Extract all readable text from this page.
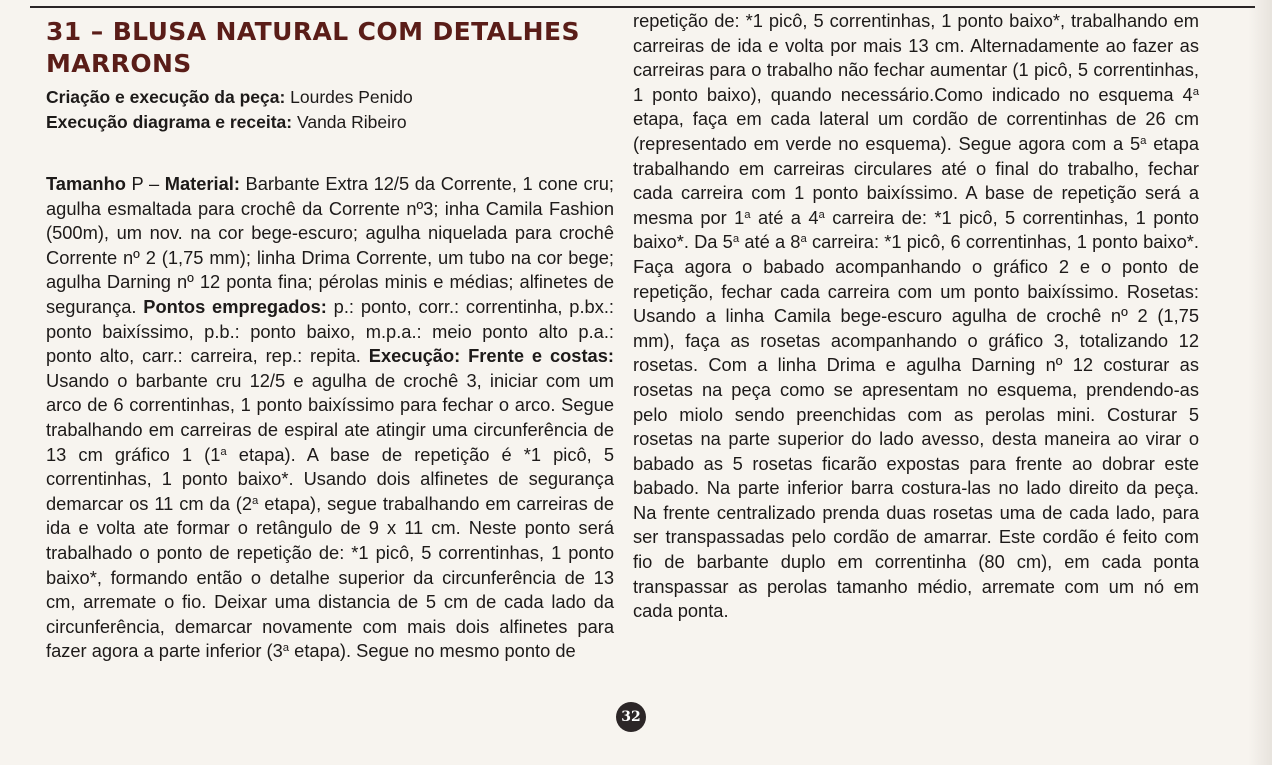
31 – BLUSA NATURAL COM DETALHES MARRONS
Criação e execução da peça: Lourdes Penido
Execução diagrama e receita: Vanda Ribeiro
Tamanho P – Material: Barbante Extra 12/5 da Corrente, 1 cone cru; agulha esmaltada para crochê da Corrente nº3; inha Camila Fashion (500m), um nov. na cor bege-escuro; agulha niquelada para crochê Corrente nº 2 (1,75 mm); linha Drima Corrente, um tubo na cor bege; agulha Darning nº 12 ponta fina; pérolas minis e médias; alfinetes de segurança. Pontos empregados: p.: ponto, corr.: correntinha, p.bx.: ponto baixíssimo, p.b.: ponto baixo, m.p.a.: meio ponto alto p.a.: ponto alto, carr.: carreira, rep.: repita. Execução: Frente e costas: Usando o barbante cru 12/5 e agulha de crochê 3, iniciar com um arco de 6 correntinhas, 1 ponto baixíssimo para fechar o arco. Segue trabalhando em carreiras de espiral ate atingir uma circunferência de 13 cm gráfico 1 (1$^a$ etapa). A base de repetição é *1 picô, 5 correntinhas, 1 ponto baixo*. Usando dois alfinetes de segurança demarcar os 11 cm da (2$^a$ etapa), segue trabalhando em carreiras de ida e volta ate formar o retângulo de 9 x 11 cm. Neste ponto será trabalhado o ponto de repetição de: *1 picô, 5 correntinhas, 1 ponto baixo*, formando então o detalhe superior da circunferência de 13 cm, arremate o fio. Deixar uma distancia de 5 cm de cada lado da circunferência, demarcar novamente com mais dois alfinetes para fazer agora a parte inferior (3$^a$ etapa). Segue no mesmo ponto de
repetição de: *1 picô, 5 correntinhas, 1 ponto baixo*, trabalhando em carreiras de ida e volta por mais 13 cm. Alternadamente ao fazer as carreiras para o trabalho não fechar aumentar (1 picô, 5 correntinhas, 1 ponto baixo), quando necessário.Como indicado no esquema 4$^a$ etapa, faça em cada lateral um cordão de correntinhas de 26 cm (representado em verde no esquema). Segue agora com a 5$^a$ etapa trabalhando em carreiras circulares até o final do trabalho, fechar cada carreira com 1 ponto baixíssimo. A base de repetição será a mesma por 1$^a$ até a 4$^a$ carreira de: *1 picô, 5 correntinhas, 1 ponto baixo*. Da 5$^a$ até a 8$^a$ carreira: *1 picô, 6 correntinhas, 1 ponto baixo*. Faça agora o babado acompanhando o gráfico 2 e o ponto de repetição, fechar cada carreira com um ponto baixíssimo. Rosetas: Usando a linha Camila bege-escuro agulha de crochê nº 2 (1,75 mm), faça as rosetas acompanhando o gráfico 3, totalizando 12 rosetas. Com a linha Drima e agulha Darning nº 12 costurar as rosetas na peça como se apresentam no esquema, prendendo-as pelo miolo sendo preenchidas com as perolas mini. Costurar 5 rosetas na parte superior do lado avesso, desta maneira ao virar o babado as 5 rosetas ficarão expostas para frente ao dobrar este babado. Na parte inferior barra costura-las no lado direito da peça. Na frente centralizado prenda duas rosetas uma de cada lado, para ser transpassadas pelo cordão de amarrar. Este cordão é feito com fio de barbante duplo em correntinha (80 cm), em cada ponta transpassar as perolas tamanho médio, arremate com um nó em cada ponta.
32
